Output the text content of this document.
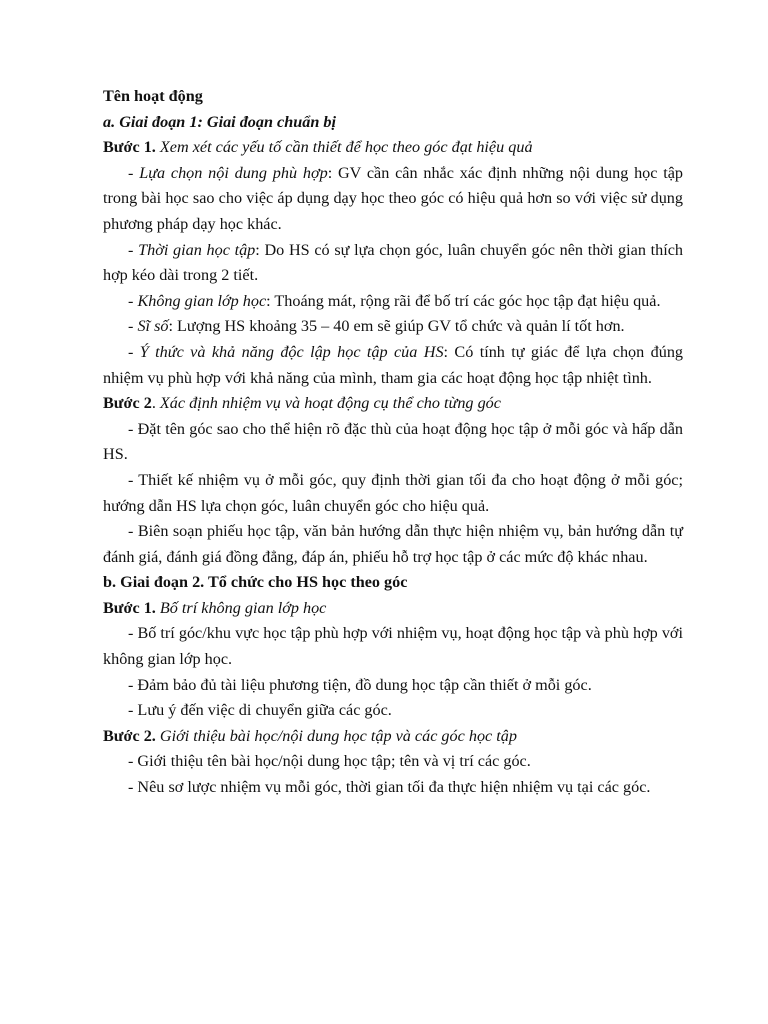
Tên hoạt động

a. Giai đoạn 1: Giai đoạn chuẩn bị

Bước 1. Xem xét các yếu tố cần thiết để học theo góc đạt hiệu quả

- Lựa chọn nội dung phù hợp: GV cần cân nhắc xác định những nội dung học tập trong bài học sao cho việc áp dụng dạy học theo góc có hiệu quả hơn so với việc sử dụng phương pháp dạy học khác.

- Thời gian học tập: Do HS có sự lựa chọn góc, luân chuyển góc nên thời gian thích hợp kéo dài trong 2 tiết.

- Không gian lớp học: Thoáng mát, rộng rãi để bố trí các góc học tập đạt hiệu quả.

- Sĩ số: Lượng HS khoảng 35 – 40 em sẽ giúp GV tổ chức và quản lí tốt hơn.

- Ý thức và khả năng độc lập học tập của HS: Có tính tự giác để lựa chọn đúng nhiệm vụ phù hợp với khả năng của mình, tham gia các hoạt động học tập nhiệt tình.

Bước 2. Xác định nhiệm vụ và hoạt động cụ thể cho từng góc

- Đặt tên góc sao cho thể hiện rõ đặc thù của hoạt động học tập ở mỗi góc và hấp dẫn HS.

- Thiết kế nhiệm vụ ở mỗi góc, quy định thời gian tối đa cho hoạt động ở mỗi góc; hướng dẫn HS lựa chọn góc, luân chuyển góc cho hiệu quả.

- Biên soạn phiếu học tập, văn bản hướng dẫn thực hiện nhiệm vụ, bản hướng dẫn tự đánh giá, đánh giá đồng đẳng, đáp án, phiếu hỗ trợ học tập ở các mức độ khác nhau.

b. Giai đoạn 2. Tổ chức cho HS học theo góc

Bước 1. Bố trí không gian lớp học

- Bố trí góc/khu vực học tập phù hợp với nhiệm vụ, hoạt động học tập và phù hợp với không gian lớp học.

- Đảm bảo đủ tài liệu phương tiện, đồ dung học tập cần thiết ở mỗi góc.

- Lưu ý đến việc di chuyển giữa các góc.

Bước 2. Giới thiệu bài học/nội dung học tập và các góc học tập

- Giới thiệu tên bài học/nội dung học tập; tên và vị trí các góc.

- Nêu sơ lược nhiệm vụ mỗi góc, thời gian tối đa thực hiện nhiệm vụ tại các góc.
